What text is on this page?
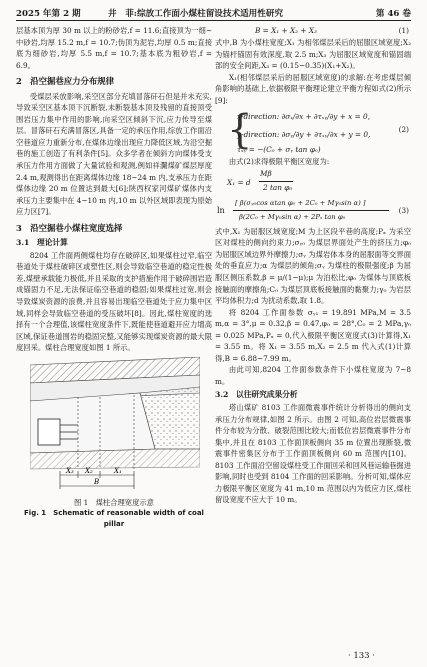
2025 年第 2 期	井　菲:综放工作面小煤柱留设技术适用性研究	第 46 卷

层基本顶为厚 30 m 以上的粉砂岩,f = 11.6;直接顶为一细~中砂岩,均厚 15.2 m,f = 10.7;伪顶为泥岩,均厚 0.5 m;直接底为细砂岩,均厚 5.5 m,f = 10.7;基本底为粗砂岩,f = 6.9。

2　沿空掘巷应力分布规律

受煤层采放影响,采空区部分充填冒落矸石但是并未充实,导致采空区基本顶下沉断裂,未断裂基本顶及残留的直接顶受围岩压力集中作用的影响,向采空区倾斜下沉,应力传导至煤层。冒落矸石充满冒落区,具备一定的承压作用,综放工作面沿空巷道应力重新分布,在煤体边缘出现应力降低区域,为沿空掘巷的施工创造了有利条件[5]。众多学者在倾斜方向煤体受支承压力作用方面做了大量试验和观测,例如祥瀾煤矿煤层厚度 2.4 m,观测得出在距离煤体边缘 18~24 m 内,支承压力在距煤体边缘 20 m 位置达到最大[6];陕西权家河煤矿煤体内支承压力主要集中在 4~10 m 内,10 m 以外区域即表现为原始应力区[7]。

3　沿空掘巷小煤柱宽度选择

3.1　理论计算

8204 工作面两侧煤柱均存在破碎区,如果煤柱过窄,临空巷道处于煤柱破碎区或塑性区,则会导致临空巷道的稳定性极差,煤壁承载能力极低,并且采取的支护措施作用于破碎围岩造成锚固力不足,无法保证临空巷道的稳固;如果煤柱过宽,则会导致煤炭资源的浪费,并且容易出现临空巷道处于应力集中区域,同样会导致临空巷道的受压破坏[8]。因此,煤柱宽度的选择有一个合理值,该煤柱宽度条件下,既能使巷道避开应力增高区域,保证巷道围岩的稳固完整,又能够实现煤炭资源的最大限度回采。煤柱合理宽度如图 1 所示。

X₃ X₂	X₁
B
图 1　煤柱合理宽度示意
Fig. 1　Schematic of reasonable width of coal pillar
B = X₁ + X₂ + X₃	(1)

式中,B 为小煤柱宽度;X₁ 为相邻煤层采后的屈服区域宽度;X₂ 为锚杆锚固有效深度,取 2.5 m;X₃ 为屈服区域宽度和锚固端部的安全间距,X₃ = (0.15~0.35)(X₁+X₂)。

X₁(相邻煤层采后的屈服区域宽度)的求解:在考虑煤层倾角影响的基础上,依据极限平衡理论建立平衡方程如式(2)所示[9]:

{
x-direction: ∂σₓ/∂x + ∂τₓᵧ/∂y + x = 0,
y-direction: ∂σᵧ/∂y + ∂τₓᵧ/∂x + y = 0,
τₓᵧ = −(C₀ + σᵧ tan φ₀)
(2)

由式(2)求得极限平衡区宽度为:

X₁ = d
Mβ
2 tan φ₀
ln
[ β(σᵧ₀cos αtan φ₀ + 2C₀ + Mγ₀sin α) ]
β(2C₀ + Mγ₀sin α) + 2Pₓ tan φ₀
(3)

式中,X₁ 为屈服区域宽度;M 为上区段平巷的高度;Pₓ 为采空区对煤柱的侧向约束力;σᵧ₀ 为煤层界面处产生的挤压力;φ₀ 为屈服区域边界外摩擦力;σᵧ 为煤岩体本身的屈服面等交界面处的垂直应力;α 为煤层的倾角;σᵧ 为煤柱的极限强度;β 为屈服区侧压系数,β = μ/(1−μ);μ 为泊松比;φ₀ 为煤体与顶底板接触面的摩擦角;C₀ 为煤层顶底板接触面的黏聚力;γ₀ 为岩层平均体积力;d 为扰动系数,取 1.8。

将 8204 工作面参数 σᵧ₁ = 19.891 MPa,M = 3.5 m,α = 3°,μ = 0.32,β = 0.47,φ₀ = 28°,C₀ = 2 MPa,γ₀ = 0.025 MPa,Pₓ = 0,代入极限平衡区宽度式(3)计算得,X₁ = 3.55 m。将 X₁ = 3.55 m,X₂ = 2.5 m 代入式(1)计算得,B = 6.88~7.99 m。

由此可知,8204 工作面参数条件下小煤柱宽度为 7~8 m。

3.2　以往研究成果分析

塔山煤矿 8103 工作面微震事件统计分析得出的侧向支承压力分布规律,如图 2 所示。由图 2 可知,高位岩层微震事件分布较为分散、破裂范围比较大;而低位岩层微震事件分布集中,并且在 8103 工作面顶板侧向 35 m 位置出现断裂,微震事件密集区分布于工作面顶板侧向 60 m 范围内[10]。8103 工作面沿空留设煤柱受工作面回采和回风巷运输巷掘进影响,同时也受到 8104 工作面的回采影响。分析可知,煤体应力极限平衡区宽度为 41 m,10 m 范围以内为低应力区,煤柱留设宽度不应大于 10 m。

· 133 ·
